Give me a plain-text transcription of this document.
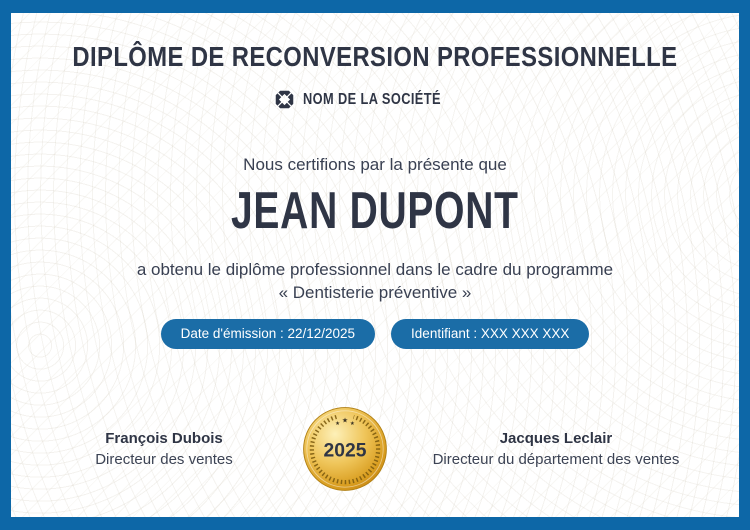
DIPLÔME DE RECONVERSION PROFESSIONNELLE
NOM DE LA SOCIÉTÉ
Nous certifions par la présente que
JEAN DUPONT
a obtenu le diplôme professionnel dans le cadre du programme
« Dentisterie préventive »
Date d'émission : 22/12/2025	Identifiant : XXX XXX XXX
François Dubois
Directeur des ventes
★ ★ ★
2025
Jacques Leclair
Directeur du département des ventes
